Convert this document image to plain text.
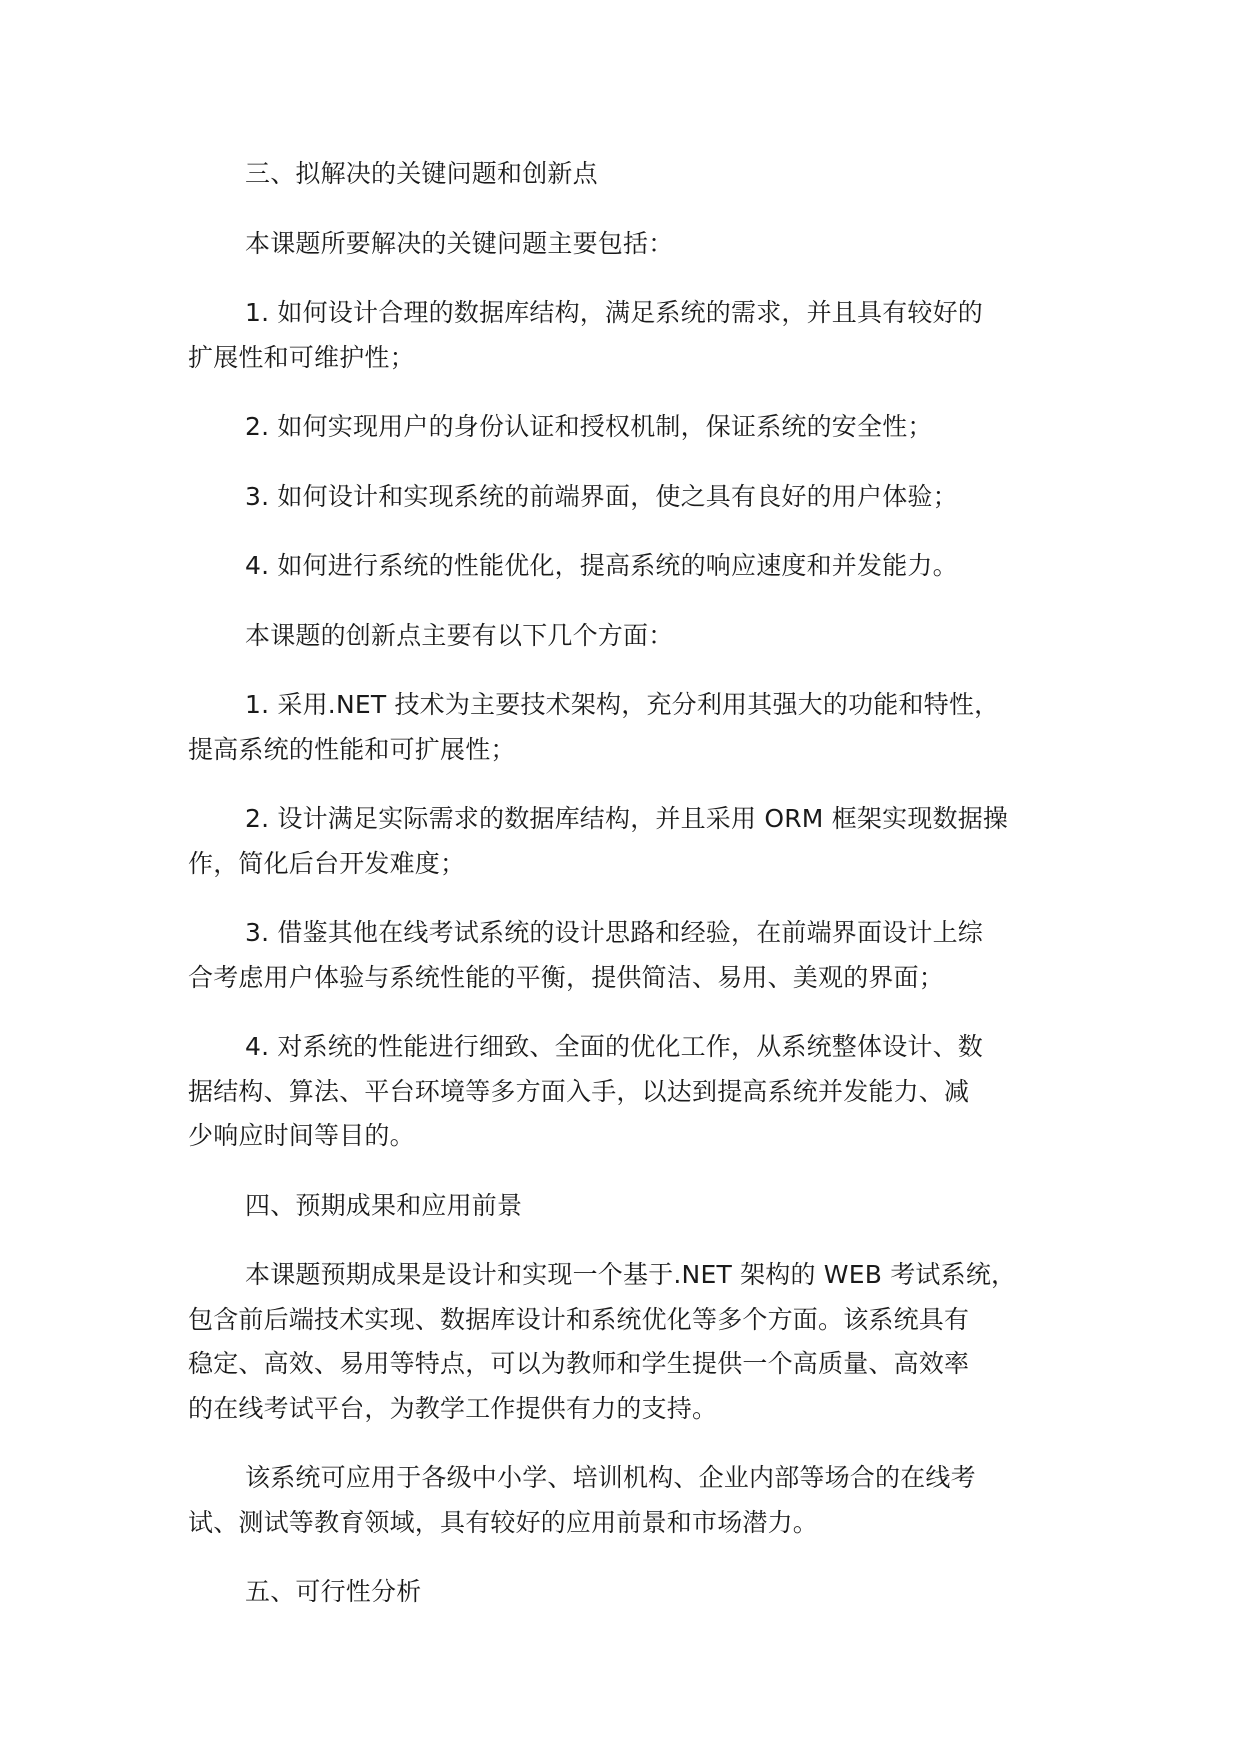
三、拟解决的关键问题和创新点

本课题所要解决的关键问题主要包括：

1. 如何设计合理的数据库结构，满足系统的需求，并且具有较好的
扩展性和可维护性；

2. 如何实现用户的身份认证和授权机制，保证系统的安全性；

3. 如何设计和实现系统的前端界面，使之具有良好的用户体验；

4. 如何进行系统的性能优化，提高系统的响应速度和并发能力。

本课题的创新点主要有以下几个方面：

1. 采用.NET 技术为主要技术架构，充分利用其强大的功能和特性，
提高系统的性能和可扩展性；

2. 设计满足实际需求的数据库结构，并且采用 ORM 框架实现数据操
作，简化后台开发难度；

3. 借鉴其他在线考试系统的设计思路和经验，在前端界面设计上综
合考虑用户体验与系统性能的平衡，提供简洁、易用、美观的界面；

4. 对系统的性能进行细致、全面的优化工作，从系统整体设计、数
据结构、算法、平台环境等多方面入手，以达到提高系统并发能力、减
少响应时间等目的。

四、预期成果和应用前景

本课题预期成果是设计和实现一个基于.NET 架构的 WEB 考试系统，
包含前后端技术实现、数据库设计和系统优化等多个方面。该系统具有
稳定、高效、易用等特点，可以为教师和学生提供一个高质量、高效率
的在线考试平台，为教学工作提供有力的支持。

该系统可应用于各级中小学、培训机构、企业内部等场合的在线考
试、测试等教育领域，具有较好的应用前景和市场潜力。

五、可行性分析
